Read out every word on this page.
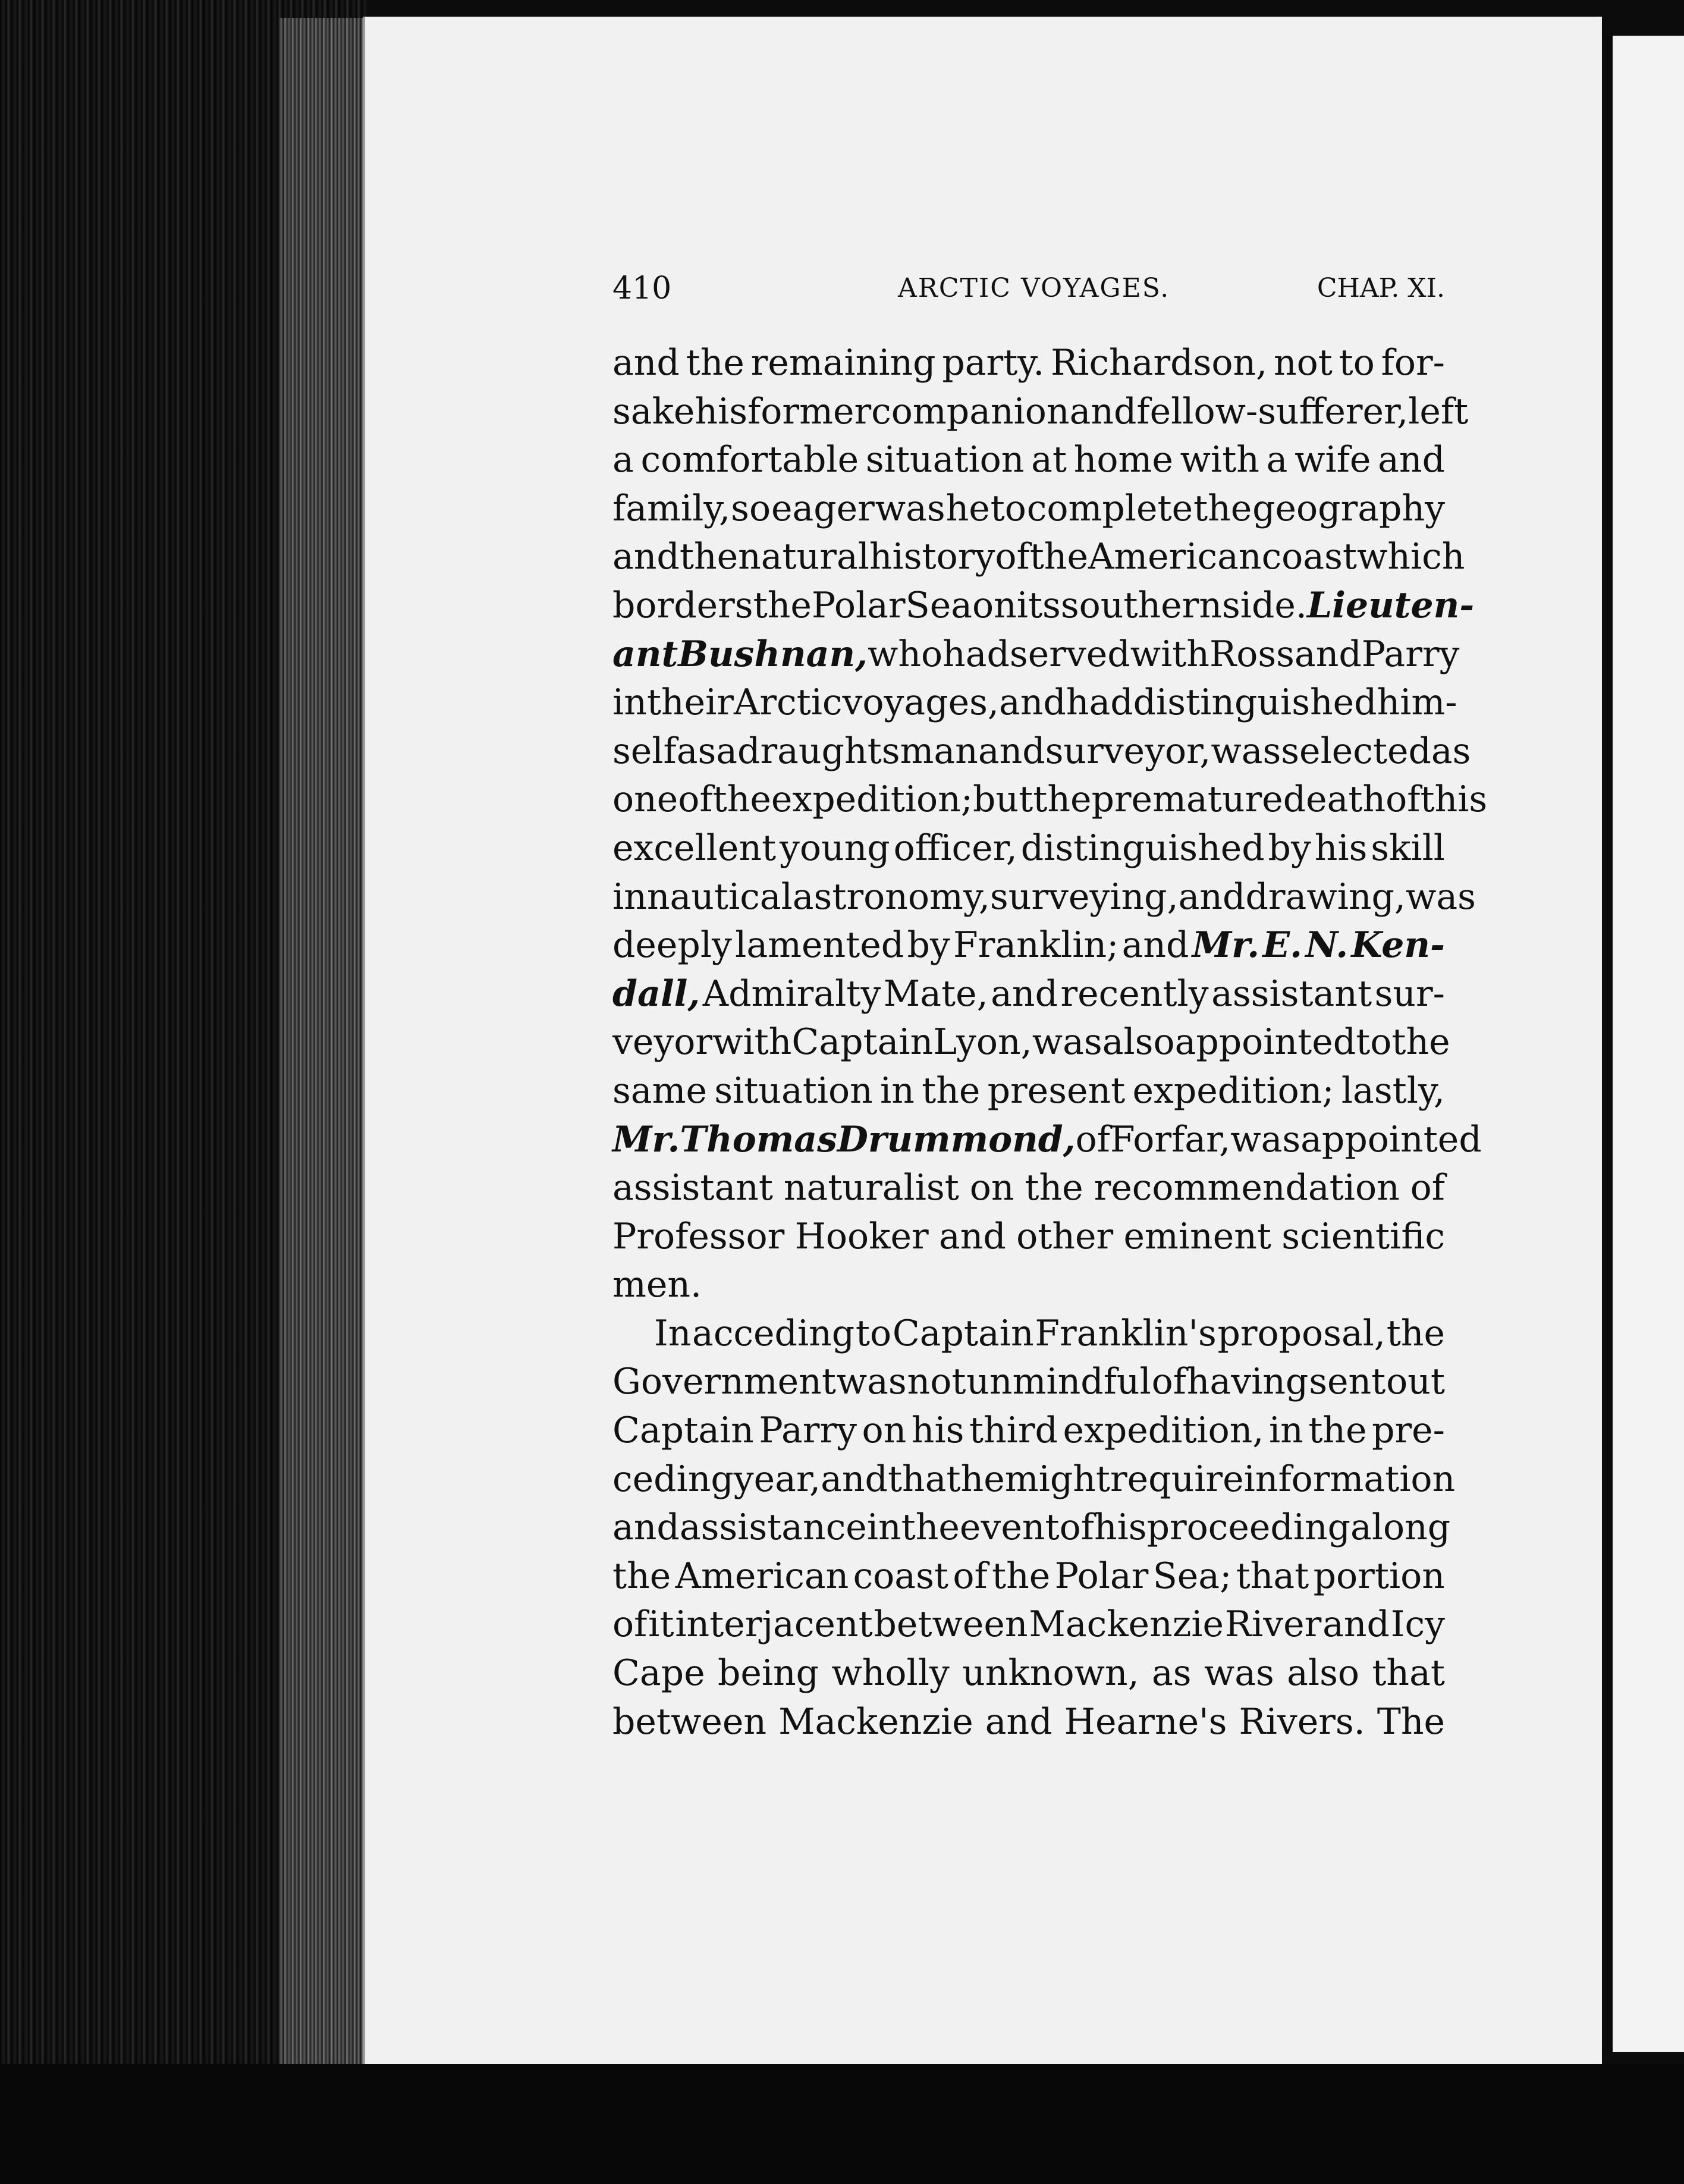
410	ARCTIC VOYAGES.	CHAP. XI.
and the remaining party. Richardson, not to for-
sake his former companion and fellow-sufferer, left
a comfortable situation at home with a wife and
family, so eager was he to complete the geography
and the natural history of the American coast which
borders the Polar Sea on its southern side. Lieuten-
ant Bushnan, who had served with Ross and Parry
in their Arctic voyages, and had distinguished him-
self as a draughtsman and surveyor, was selected as
one of the expedition; but the premature death of this
excellent young officer, distinguished by his skill
in nautical astronomy, surveying, and drawing, was
deeply lamented by Franklin; and Mr. E. N. Ken-
dall, Admiralty Mate, and recently assistant sur-
veyor with Captain Lyon, was also appointed to the
same situation in the present expedition; lastly,
Mr. Thomas Drummond, of Forfar, was appointed
assistant naturalist on the recommendation of
Professor Hooker and other eminent scientific
men.
In acceding to Captain Franklin's proposal, the
Government was not unmindful of having sent out
Captain Parry on his third expedition, in the pre-
ceding year, and that he might require information
and assistance in the event of his proceeding along
the American coast of the Polar Sea; that portion
of it interjacent between Mackenzie River and Icy
Cape being wholly unknown, as was also that
between Mackenzie and Hearne's Rivers. The
